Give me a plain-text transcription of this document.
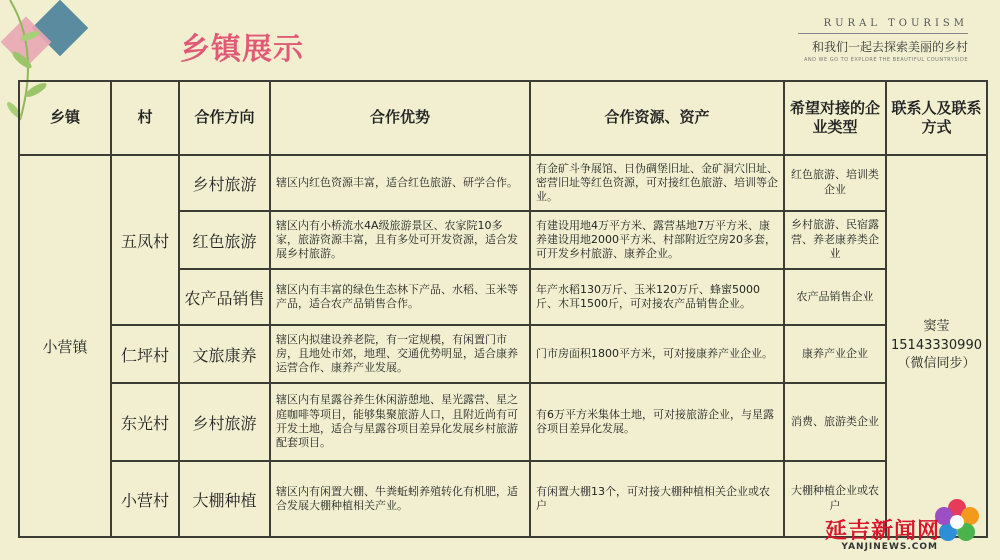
乡镇展示
RURAL TOURISM
和我们一起去探索美丽的乡村
AND WE GO TO EXPLORE THE BEAUTIFUL COUNTRYSIDE
乡镇	村	合作方向	合作优势	合作资源、资产	希望对接的企业类型	联系人及联系方式
小营镇	五凤村	乡村旅游	辖区内红色资源丰富，适合红色旅游、研学合作。	有金矿斗争展馆、日伪碉堡旧址、金矿洞穴旧址、密营旧址等红色资源，可对接红色旅游、培训等企业。	红色旅游、培训类企业	窦莹
15143330990
（微信同步）

		红色旅游	辖区内有小桥流水4A级旅游景区、农家院10多家，旅游资源丰富，且有多处可开发资源，适合发展乡村旅游。	有建设用地4万平方米、露营基地7万平方米、康养建设用地2000平方米、村部附近空房20多套，可开发乡村旅游、康养企业。	乡村旅游、民宿露营、养老康养类企业	
		农产品销售	辖区内有丰富的绿色生态林下产品、水稻、玉米等产品，适合农产品销售合作。	年产水稻130万斤、玉米120万斤、蜂蜜5000斤、木耳1500斤，可对接农产品销售企业。	农产品销售企业	
	仁坪村	文旅康养	辖区内拟建设养老院，有一定规模，有闲置门市房，且地处市郊，地理、交通优势明显，适合康养运营合作、康养产业发展。	门市房面积1800平方米，可对接康养产业企业。	康养产业企业	
	东光村	乡村旅游	辖区内有星露谷养生休闲游憩地、星光露营、星之庭咖啡等项目，能够集聚旅游人口，且附近尚有可开发土地，适合与星露谷项目差异化发展乡村旅游配套项目。	有6万平方米集体土地，可对接旅游企业，与星露谷项目差异化发展。	消费、旅游类企业	
	小营村	大棚种植	辖区内有闲置大棚、牛粪蚯蚓养殖转化有机肥，适合发展大棚种植相关产业。	有闲置大棚13个，可对接大棚种植相关企业或农户	大棚种植企业或农户	
延吉新闻网
YANJINEWS.COM
